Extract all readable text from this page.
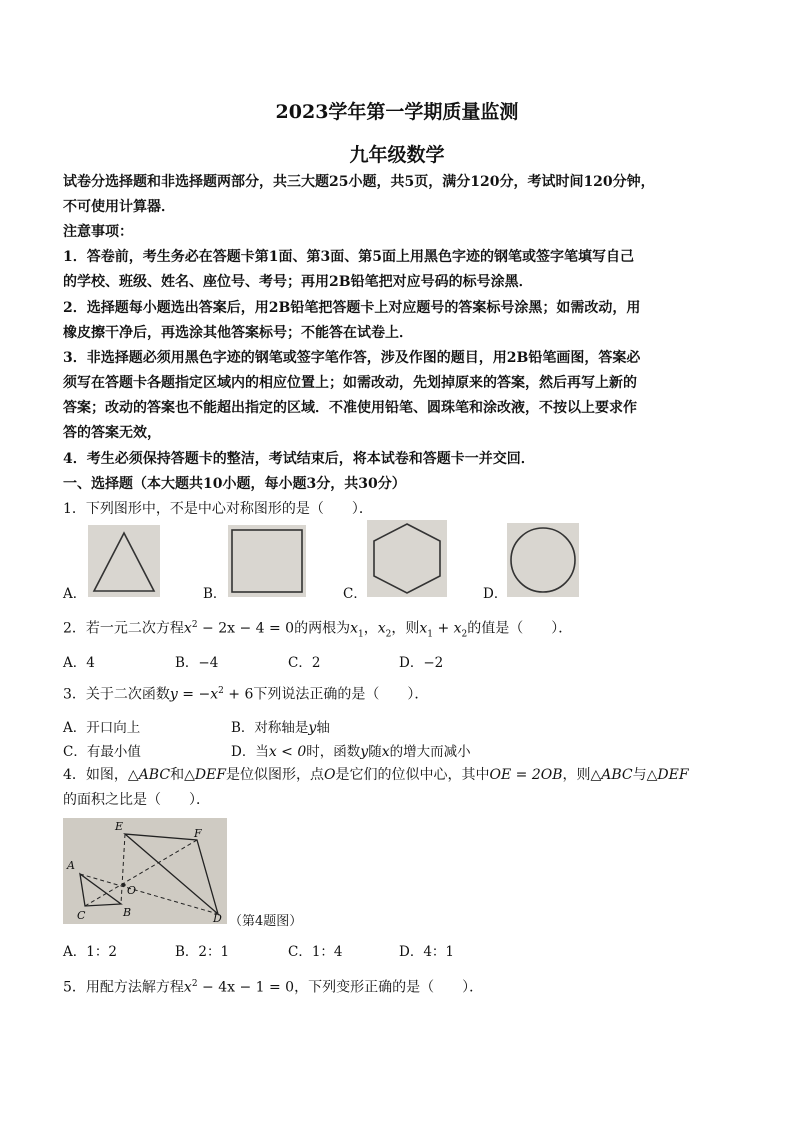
2023学年第一学期质量监测
九年级数学
试卷分选择题和非选择题两部分，共三大题25小题，共5页，满分120分，考试时间120分钟，
不可使用计算器．
注意事项：
1．答卷前，考生务必在答题卡第1面、第3面、第5面上用黑色字迹的钢笔或签字笔填写自己
的学校、班级、姓名、座位号、考号；再用2B铅笔把对应号码的标号涂黑．
2．选择题每小题选出答案后，用2B铅笔把答题卡上对应题号的答案标号涂黑；如需改动，用
橡皮擦干净后，再选涂其他答案标号；不能答在试卷上．
3．非选择题必须用黑色字迹的钢笔或签字笔作答，涉及作图的题目，用2B铅笔画图，答案必
须写在答题卡各题指定区域内的相应位置上；如需改动，先划掉原来的答案，然后再写上新的
答案；改动的答案也不能超出指定的区域．不准使用铅笔、圆珠笔和涂改液，不按以上要求作
答的答案无效，
4．考生必须保持答题卡的整洁，考试结束后，将本试卷和答题卡一并交回．
一、选择题（本大题共10小题，每小题3分，共30分）
1．下列图形中，不是中心对称图形的是（　　）．
A．	B．	C．	D．
2．若一元二次方程$x^2 - 2x - 4 = 0$的两根为$x_1$，$x_2$，则$x_1 + x_2$的值是（　　）．
A．4	B．−4	C．2	D．−2
3．关于二次函数$y = -x^2 + 6$下列说法正确的是（　　）．
A．开口向上	B．对称轴是y轴
C．有最小值	D．当x < 0时，函数y随x的增大而减小
4．如图，△ABC和△DEF是位似图形，点O是它们的位似中心，其中OE = 2OB，则△ABC与△DEF
的面积之比是（　　）．
E
F
A
O
C	B	D （第4题图）
A．1：2	B．2：1	C．1：4	D．4：1
5．用配方法解方程$x^2 - 4x - 1 = 0$，下列变形正确的是（　　）．
